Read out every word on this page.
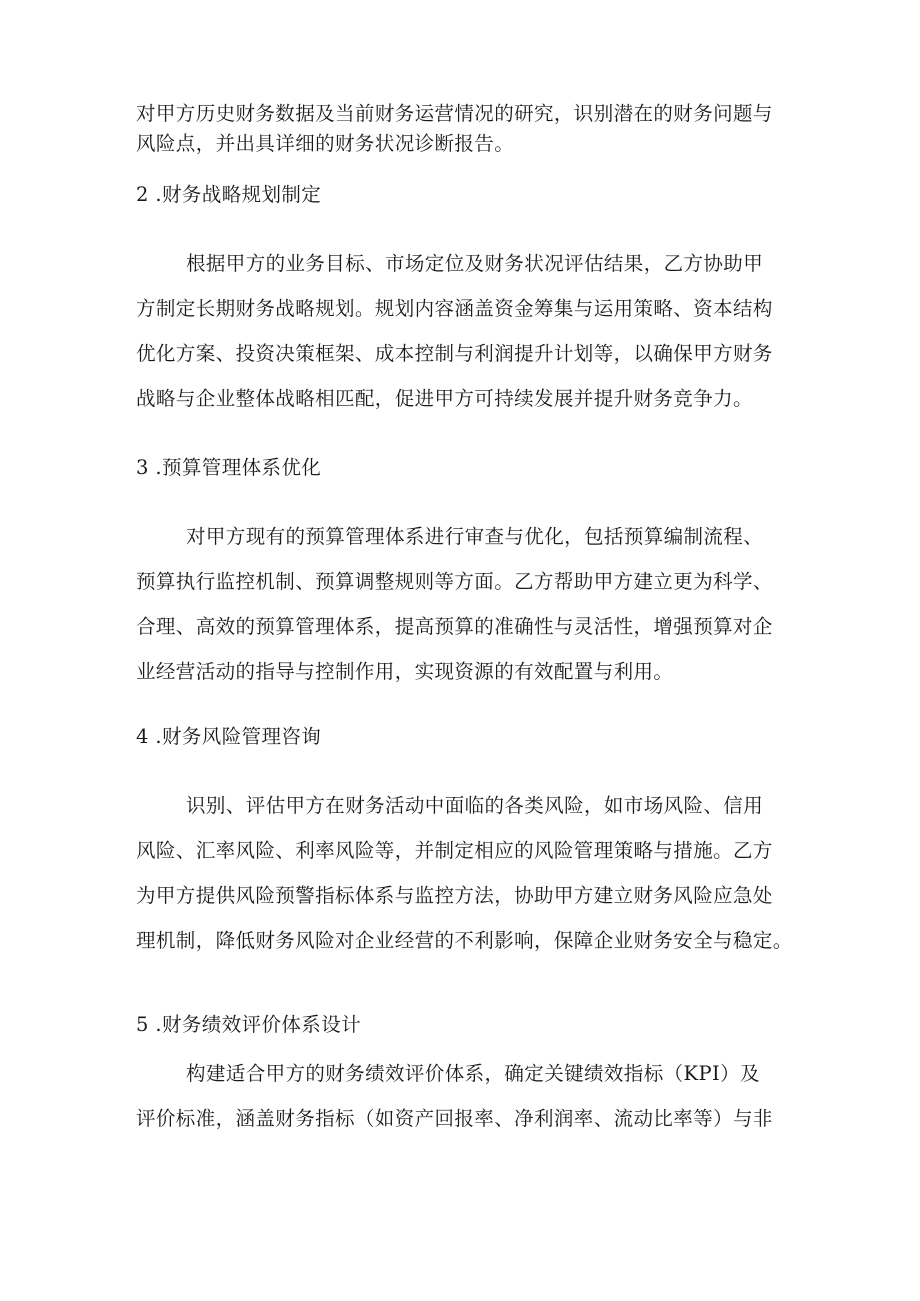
对甲方历史财务数据及当前财务运营情况的研究，识别潜在的财务问题与
风险点，并出具详细的财务状况诊断报告。
2 .财务战略规划制定
根据甲方的业务目标、市场定位及财务状况评估结果，乙方协助甲
方制定长期财务战略规划。规划内容涵盖资金筹集与运用策略、资本结构
优化方案、投资决策框架、成本控制与利润提升计划等，以确保甲方财务
战略与企业整体战略相匹配，促进甲方可持续发展并提升财务竞争力。
3 .预算管理体系优化
对甲方现有的预算管理体系进行审查与优化，包括预算编制流程、
预算执行监控机制、预算调整规则等方面。乙方帮助甲方建立更为科学、
合理、高效的预算管理体系，提高预算的准确性与灵活性，增强预算对企
业经营活动的指导与控制作用，实现资源的有效配置与利用。
4 .财务风险管理咨询
识别、评估甲方在财务活动中面临的各类风险，如市场风险、信用
风险、汇率风险、利率风险等，并制定相应的风险管理策略与措施。乙方
为甲方提供风险预警指标体系与监控方法，协助甲方建立财务风险应急处
理机制，降低财务风险对企业经营的不利影响，保障企业财务安全与稳定。
5 .财务绩效评价体系设计
构建适合甲方的财务绩效评价体系，确定关键绩效指标（KPI）及
评价标准，涵盖财务指标（如资产回报率、净利润率、流动比率等）与非
